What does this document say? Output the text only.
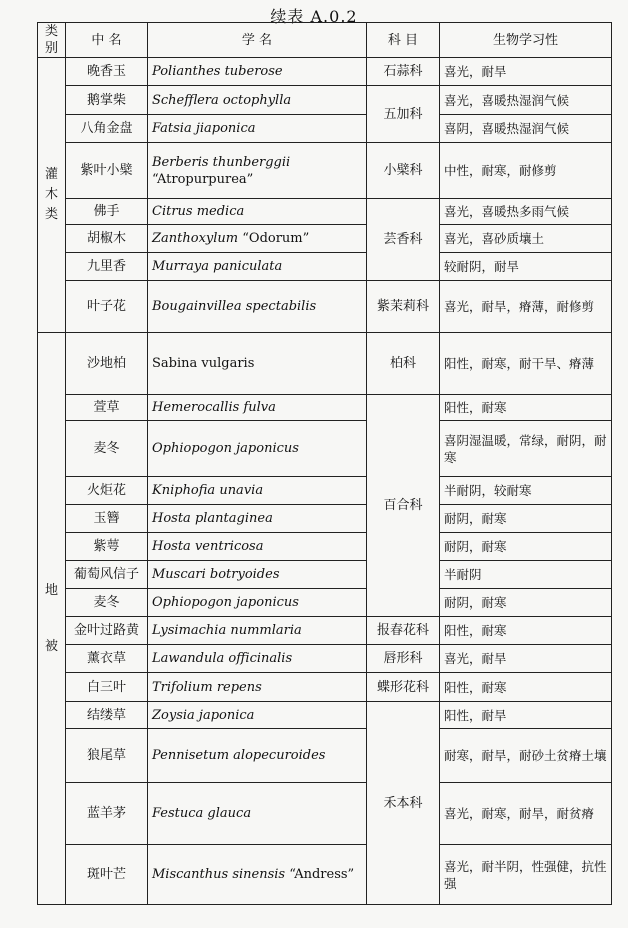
续表 A.0.2
类别	中 名	学 名	科 目	生物学习性

灌
木
类	晚香玉	Polianthes tuberose	石蒜科	喜光，耐旱
	鹅掌柴	Schefflera octophylla	五加科	喜光，喜暖热湿润气候
	八角金盘	Fatsia jiaponica		喜阴，喜暖热湿润气候
	紫叶小檗	Berberis thunberggii “Atropurpurea”	小檗科	中性，耐寒，耐修剪
	佛手	Citrus medica	芸香科	喜光，喜暖热多雨气候
	胡椒木	Zanthoxylum “Odorum”		喜光，喜砂质壤土
	九里香	Murraya paniculata		较耐阴，耐旱
	叶子花	Bougainvillea spectabilis	紫茉莉科	喜光，耐旱，瘠薄，耐修剪

地
被	沙地柏	Sabina vulgaris	柏科	阳性，耐寒，耐干旱、瘠薄
	萱草	Hemerocallis fulva	百合科	阳性，耐寒
	麦冬	Ophiopogon japonicus		喜阴湿温暖，常绿，耐阴，耐寒
	火炬花	Kniphofia unavia		半耐阴，较耐寒
	玉簪	Hosta plantaginea		耐阴，耐寒
	紫萼	Hosta ventricosa		耐阴，耐寒
	葡萄风信子	Muscari botryoides		半耐阴
	麦冬	Ophiopogon japonicus		耐阴，耐寒
	金叶过路黄	Lysimachia nummlaria	报春花科	阳性，耐寒
	薰衣草	Lawandula officinalis	唇形科	喜光，耐旱
	白三叶	Trifolium repens	蝶形花科	阳性，耐寒
	结缕草	Zoysia japonica	禾本科	阳性，耐旱
	狼尾草	Pennisetum alopecuroides		耐寒，耐旱，耐砂土贫瘠土壤
	蓝羊茅	Festuca glauca		喜光，耐寒，耐旱，耐贫瘠
	斑叶芒	Miscanthus sinensis “Andress”		喜光，耐半阴，性强健，抗性强
